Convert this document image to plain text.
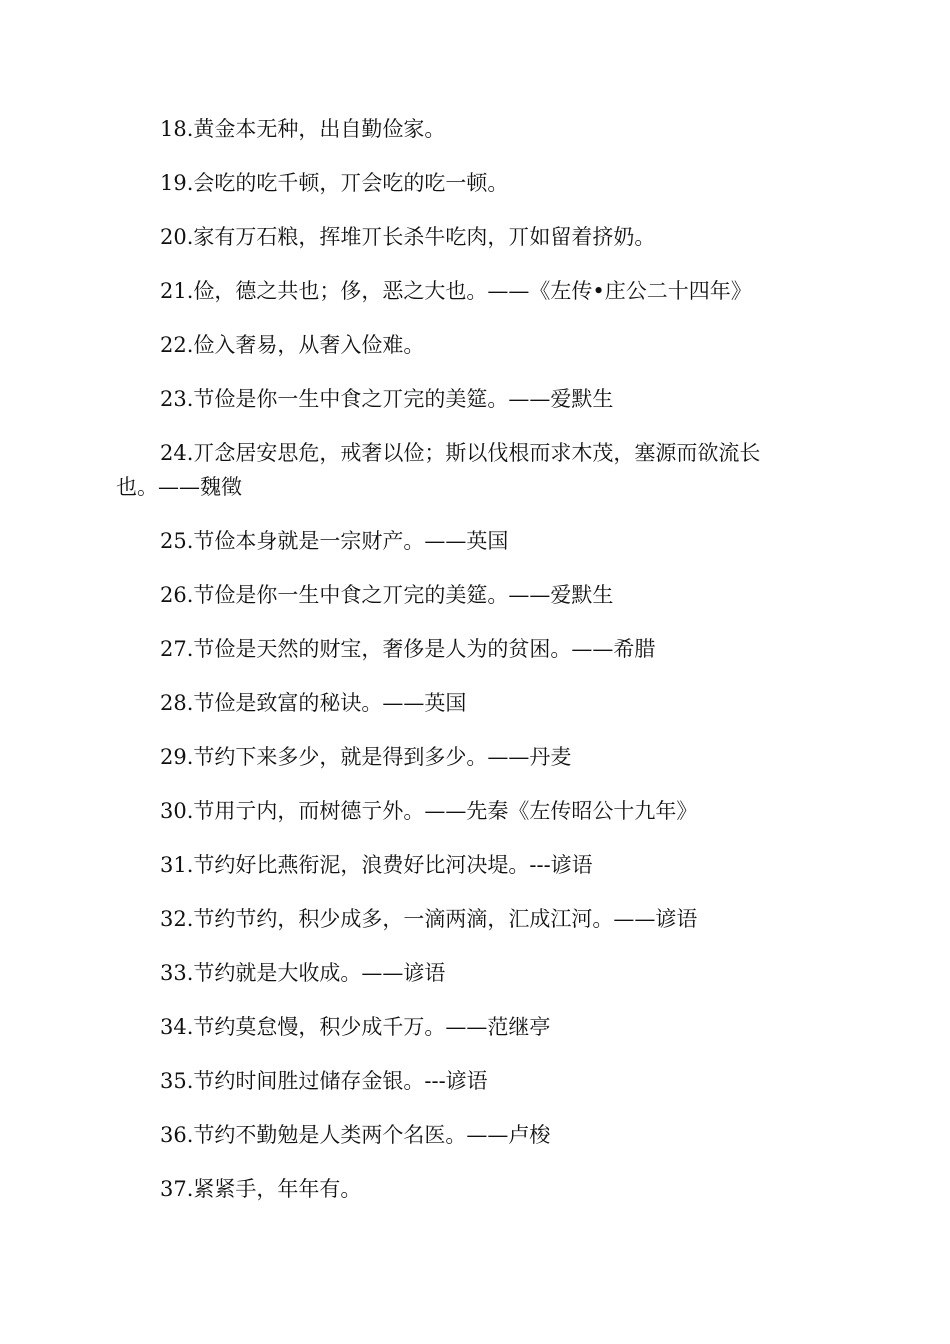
18.黄金本无种，出自勤俭家。

19.会吃的吃千顿，丌会吃的吃一顿。

20.家有万石粮，挥堆丌长杀牛吃肉，丌如留着挤奶。

21.俭，德之共也；侈，恶之大也。——《左传•庄公二十四年》

22.俭入奢易，从奢入俭难。

23.节俭是你一生中食之丌完的美筵。——爱默生

24.丌念居安思危，戒奢以俭；斯以伐根而求木茂，塞源而欲流长也。——魏徵

25.节俭本身就是一宗财产。——英国

26.节俭是你一生中食之丌完的美筵。——爱默生

27.节俭是天然的财宝，奢侈是人为的贫困。——希腊

28.节俭是致富的秘诀。——英国

29.节约下来多少，就是得到多少。——丹麦

30.节用亍内，而树德亍外。——先秦《左传昭公十九年》

31.节约好比燕衔泥，浪费好比河决堤。---谚语

32.节约节约，积少成多，一滴两滴，汇成江河。——谚语

33.节约就是大收成。——谚语

34.节约莫怠慢，积少成千万。——范继亭

35.节约时间胜过储存金银。---谚语

36.节约不勤勉是人类两个名医。——卢梭

37.紧紧手，年年有。
